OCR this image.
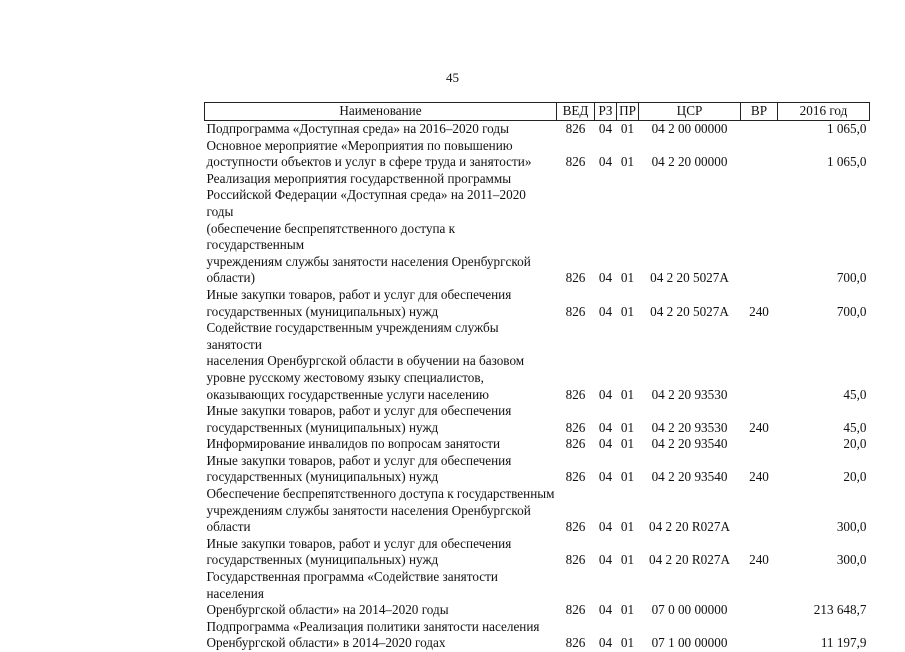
45
Наименование	ВЕД	РЗ	ПР	ЦСР	ВР	2016 год
Подпрограмма «Доступная среда» на 2016–2020 годы	826	04	01	04 2 00 00000		1 065,0
Основное мероприятие «Мероприятия по повышению
доступности объектов и услуг в сфере труда и занятости»	826	04	01	04 2 20 00000		1 065,0
Реализация мероприятия государственной программы
Российской Федерации «Доступная среда» на 2011–2020 годы
(обеспечение беспрепятственного доступа к государственным
учреждениям службы занятости населения Оренбургской
области)	826	04	01	04 2 20 5027А		700,0
Иные закупки товаров, работ и услуг для обеспечения
государственных (муниципальных) нужд	826	04	01	04 2 20 5027А	240	700,0
Содействие государственным учреждениям службы занятости
населения Оренбургской области в обучении на базовом
уровне русскому жестовому языку специалистов,
оказывающих государственные услуги населению	826	04	01	04 2 20 93530		45,0
Иные закупки товаров, работ и услуг для обеспечения
государственных (муниципальных) нужд	826	04	01	04 2 20 93530	240	45,0
Информирование инвалидов по вопросам занятости	826	04	01	04 2 20 93540		20,0
Иные закупки товаров, работ и услуг для обеспечения
государственных (муниципальных) нужд	826	04	01	04 2 20 93540	240	20,0
Обеспечение беспрепятственного доступа к государственным
учреждениям службы занятости населения Оренбургской
области	826	04	01	04 2 20 R027А		300,0
Иные закупки товаров, работ и услуг для обеспечения
государственных (муниципальных) нужд	826	04	01	04 2 20 R027А	240	300,0
Государственная программа «Содействие занятости населения
Оренбургской области» на 2014–2020 годы	826	04	01	07 0 00 00000		213 648,7
Подпрограмма «Реализация политики занятости населения
Оренбургской области» в 2014–2020 годах	826	04	01	07 1 00 00000		11 197,9
